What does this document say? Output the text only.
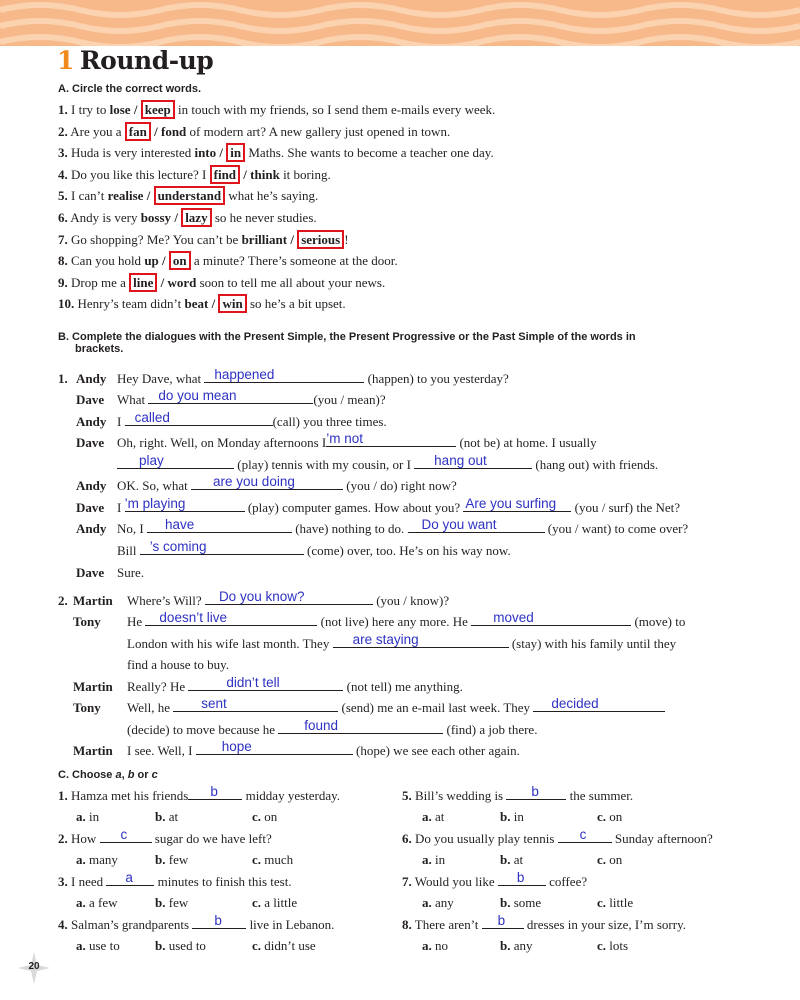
1 Round-up
A. Circle the correct words.
1. I try to lose / keep in touch with my friends, so I send them e-mails every week.
2. Are you a fan / fond of modern art? A new gallery just opened in town.
3. Huda is very interested into / in Maths. She wants to become a teacher one day.
4. Do you like this lecture? I find / think it boring.
5. I can’t realise / understand what he’s saying.
6. Andy is very bossy / lazy so he never studies.
7. Go shopping? Me? You can’t be brilliant / serious !
8. Can you hold up / on a minute? There’s someone at the door.
9. Drop me a line / word soon to tell me all about your news.
10. Henry’s team didn’t beat / win so he’s a bit upset.
B. Complete the dialogues with the Present Simple, the Present Progressive or the Past Simple of the words in
brackets.
1. Andy Hey Dave, what happened	(happen) to you yesterday?
Dave What do you mean	(you / mean)?
Andy I called	(call) you three times.
Dave Oh, right. Well, on Monday afternoons I ’m not	(not be) at home. I usually
play	(play) tennis with my cousin, or I hang out	(hang out) with friends.
Andy OK. So, what are you doing	(you / do) right now?
Dave I ’m playing	(play) computer games. How about you? Are you surfing (you / surf) the Net?
Andy No, I have	(have) nothing to do. Do you want	(you / want) to come over?
Bill ’s coming	(come) over, too. He’s on his way now.
Dave Sure.
2. Martin Where’s Will? Do you know?	(you / know)?
Tony He doesn’t live	(not live) here any more. He moved	(move) to
London with his wife last month. They are staying	(stay) with his family until they
find a house to buy.
Martin Really? He	didn’t tell	(not tell) me anything.
Tony Well, he sent	(send) me an e-mail last week. They decided
(decide) to move because he found	(find) a job there.
Martin I see. Well, I hope	(hope) we see each other again.
C. Choose a, b or c
1. Hamza met his friends b midday yesterday.
a. in	b. at	c. on
2. How c sugar do we have left?
a. many	b. few	c. much
3. I need a minutes to finish this test.
a. a few	b. few	c. a little
4. Salman’s grandparents b live in Lebanon.
a. use to	b. used to	c. didn’t use
5. Bill’s wedding is b the summer.
a. at	b. in	c. on
6. Do you usually play tennis c Sunday afternoon?
a. in	b. at	c. on
7. Would you like b coffee?
a. any	b. some	c. little
8. There aren’t b dresses in your size, I’m sorry.
a. no	b. any	c. lots
20
